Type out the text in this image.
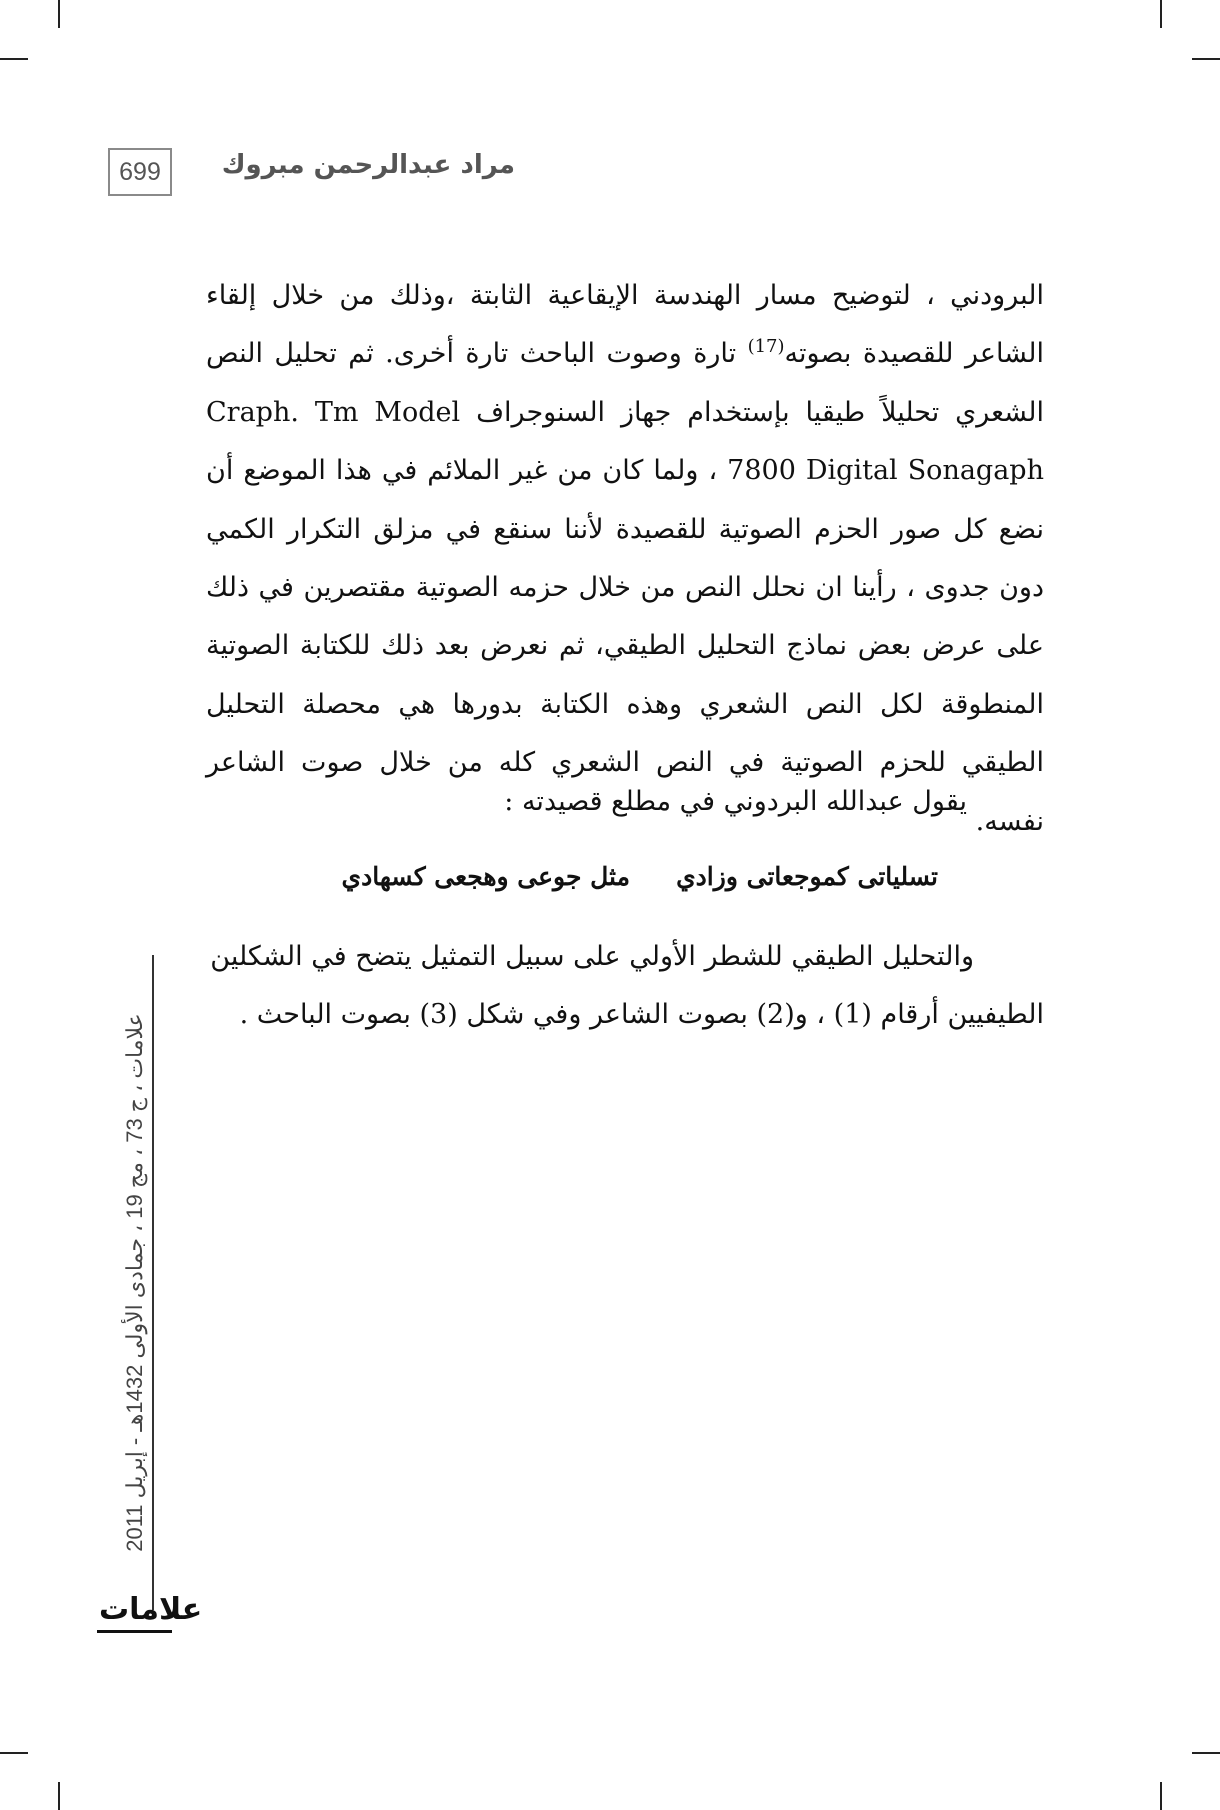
699	مراد عبدالرحمن مبروك

البرودني ، لتوضيح مسار الهندسة الإيقاعية الثابتة ،وذلك من خلال إلقاء الشاعر للقصيدة بصوته$^{(17)}$ تارة وصوت الباحث تارة أخرى. ثم تحليل النص الشعري تحليلاً طيقيا بإستخدام جهاز السنوجراف Craph. Tm Model 7800 Digital Sonagaph ، ولما كان من غير الملائم في هذا الموضع أن نضع كل صور الحزم الصوتية للقصيدة لأننا سنقع في مزلق التكرار الكمي دون جدوى ، رأينا ان نحلل النص من خلال حزمه الصوتية مقتصرين في ذلك على عرض بعض نماذج التحليل الطيقي، ثم نعرض بعد ذلك للكتابة الصوتية المنطوقة لكل النص الشعري وهذه الكتابة بدورها هي محصلة التحليل الطيقي للحزم الصوتية في النص الشعري كله من خلال صوت الشاعر نفسه.

يقول عبدالله البردوني في مطلع قصيدته :
تسلياتى كموجعاتى وزادي
مثل جوعى وهجعى كسهادي

والتحليل الطيقي للشطر الأولي على سبيل التمثيل يتضح في الشكلين

الطيفيين أرقام (1) ، و(2) بصوت الشاعر وفي شكل (3) بصوت الباحث .

علامات ، ج 73 ، مج 19 ، جمادى الأولى 1432هـ - إبريل 2011
علامات
